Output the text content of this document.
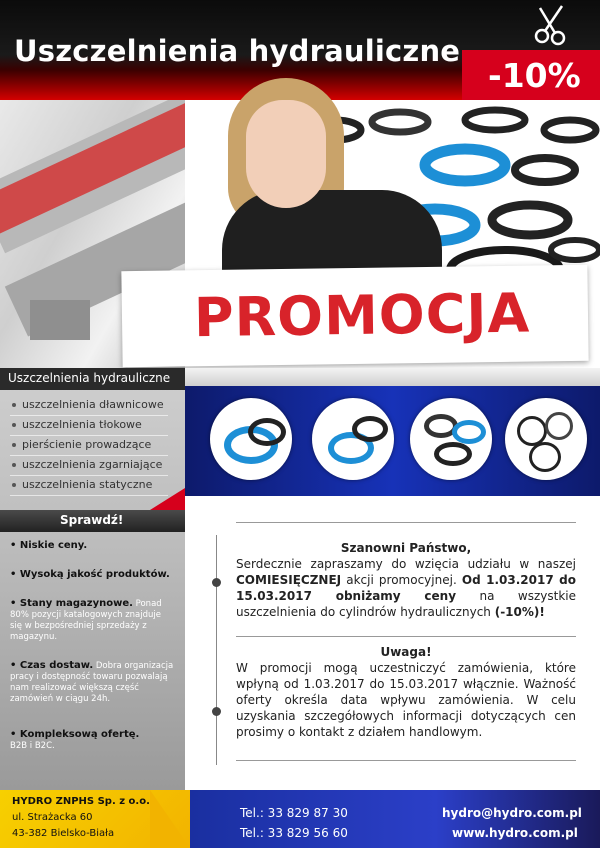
Uszczelnienia hydrauliczne
-10%
PROMOCJA
Uszczelnienia hydrauliczne
uszczelnienia dławnicowe
uszczelnienia tłokowe
pierścienie prowadzące
uszczelnienia zgarniające
uszczelnienia statyczne
Sprawdź!
• Niskie ceny.
• Wysoką jakość produktów.
• Stany magazynowe. Ponad 80% pozycji katalogowych znajduje się w bezpośredniej sprzedaży z magazynu.
• Czas dostaw. Dobra organizacja pracy i dostępność towaru pozwalają nam realizować większą część zamówień w ciągu 24h.
• Kompleksową ofertę.
B2B i B2C.
Szanowni Państwo,
Serdecznie zapraszamy do wzięcia udziału w naszej COMIESIĘCZNEJ akcji promocyjnej. Od 1.03.2017 do 15.03.2017 obniżamy ceny na wszystkie uszczelnienia do cylindrów hydraulicznych (-10%)!
Uwaga!
W promocji mogą uczestniczyć zamówienia, które wpłyną od 1.03.2017 do 15.03.2017 włącznie. Ważność oferty określa data wpływu zamówienia. W celu uzyskania szczegółowych informacji dotyczących cen prosimy o kontakt z działem handlowym.
HYDRO ZNPHS Sp. z o.o.
ul. Strażacka 60
43-382 Bielsko-Biała
Tel.: 33 829 87 30
Tel.: 33 829 56 60
hydro@hydro.com.pl
www.hydro.com.pl
